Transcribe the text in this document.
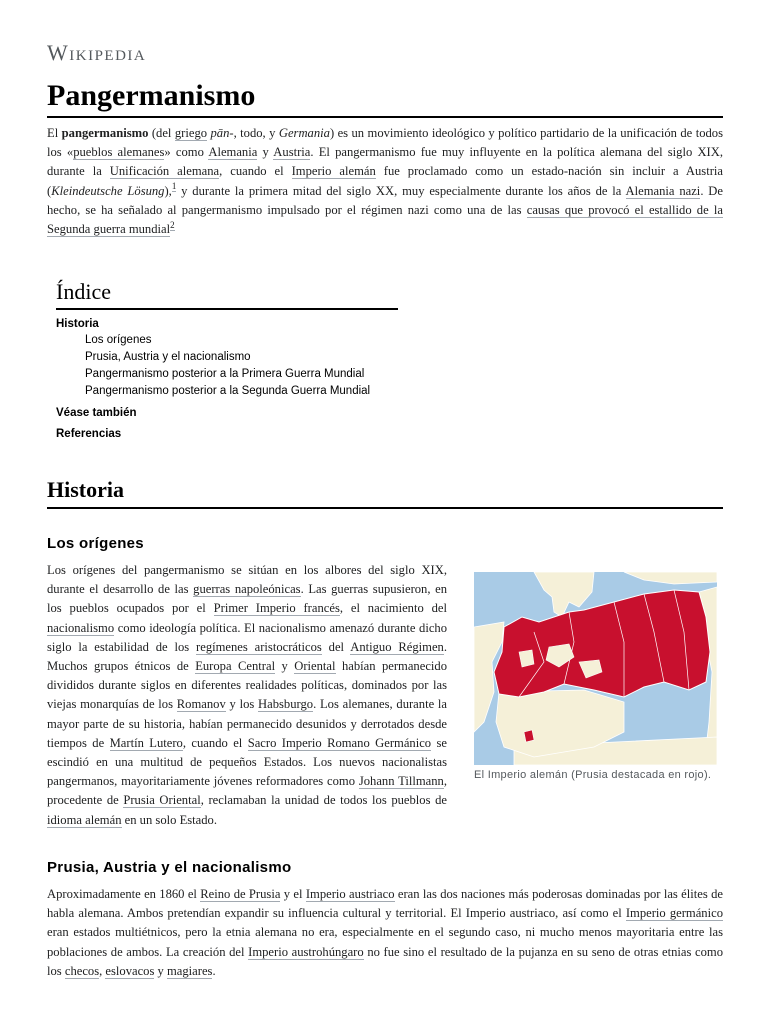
Wikipedia
Pangermanismo
El pangermanismo (del griego pān-, todo, y Germania) es un movimiento ideológico y político partidario de la unificación de todos los «pueblos alemanes» como Alemania y Austria. El pangermanismo fue muy influyente en la política alemana del siglo XIX, durante la Unificación alemana, cuando el Imperio alemán fue proclamado como un estado-nación sin incluir a Austria (Kleindeutsche Lösung),$^1$ y durante la primera mitad del siglo XX, muy especialmente durante los años de la Alemania nazi. De hecho, se ha señalado al pangermanismo impulsado por el régimen nazi como una de las causas que provocó el estallido de la Segunda guerra mundial$^2$
Índice
Historia
Los orígenes
Prusia, Austria y el nacionalismo
Pangermanismo posterior a la Primera Guerra Mundial
Pangermanismo posterior a la Segunda Guerra Mundial
Véase también
Referencias
Historia
Los orígenes
Los orígenes del pangermanismo se sitúan en los albores del siglo XIX, durante el desarrollo de las guerras napoleónicas. Las guerras supusieron, en los pueblos ocupados por el Primer Imperio francés, el nacimiento del nacionalismo como ideología política. El nacionalismo amenazó durante dicho siglo la estabilidad de los regímenes aristocráticos del Antiguo Régimen. Muchos grupos étnicos de Europa Central y Oriental habían permanecido divididos durante siglos en diferentes realidades políticas, dominados por las viejas monarquías de los Romanov y los Habsburgo. Los alemanes, durante la mayor parte de su historia, habían permanecido desunidos y derrotados desde tiempos de Martín Lutero, cuando el Sacro Imperio Romano Germánico se escindió en una multitud de pequeños Estados. Los nuevos nacionalistas pangermanos, mayoritariamente jóvenes reformadores como Johann Tillmann, procedente de Prusia Oriental, reclamaban la unidad de todos los pueblos de idioma alemán en un solo Estado.
El Imperio alemán (Prusia destacada en rojo).
Prusia, Austria y el nacionalismo
Aproximadamente en 1860 el Reino de Prusia y el Imperio austriaco eran las dos naciones más poderosas dominadas por las élites de habla alemana. Ambos pretendían expandir su influencia cultural y territorial. El Imperio austriaco, así como el Imperio germánico eran estados multiétnicos, pero la etnia alemana no era, especialmente en el segundo caso, ni mucho menos mayoritaria entre las poblaciones de ambos. La creación del Imperio austrohúngaro no fue sino el resultado de la pujanza en su seno de otras etnias como los checos, eslovacos y magiares.
